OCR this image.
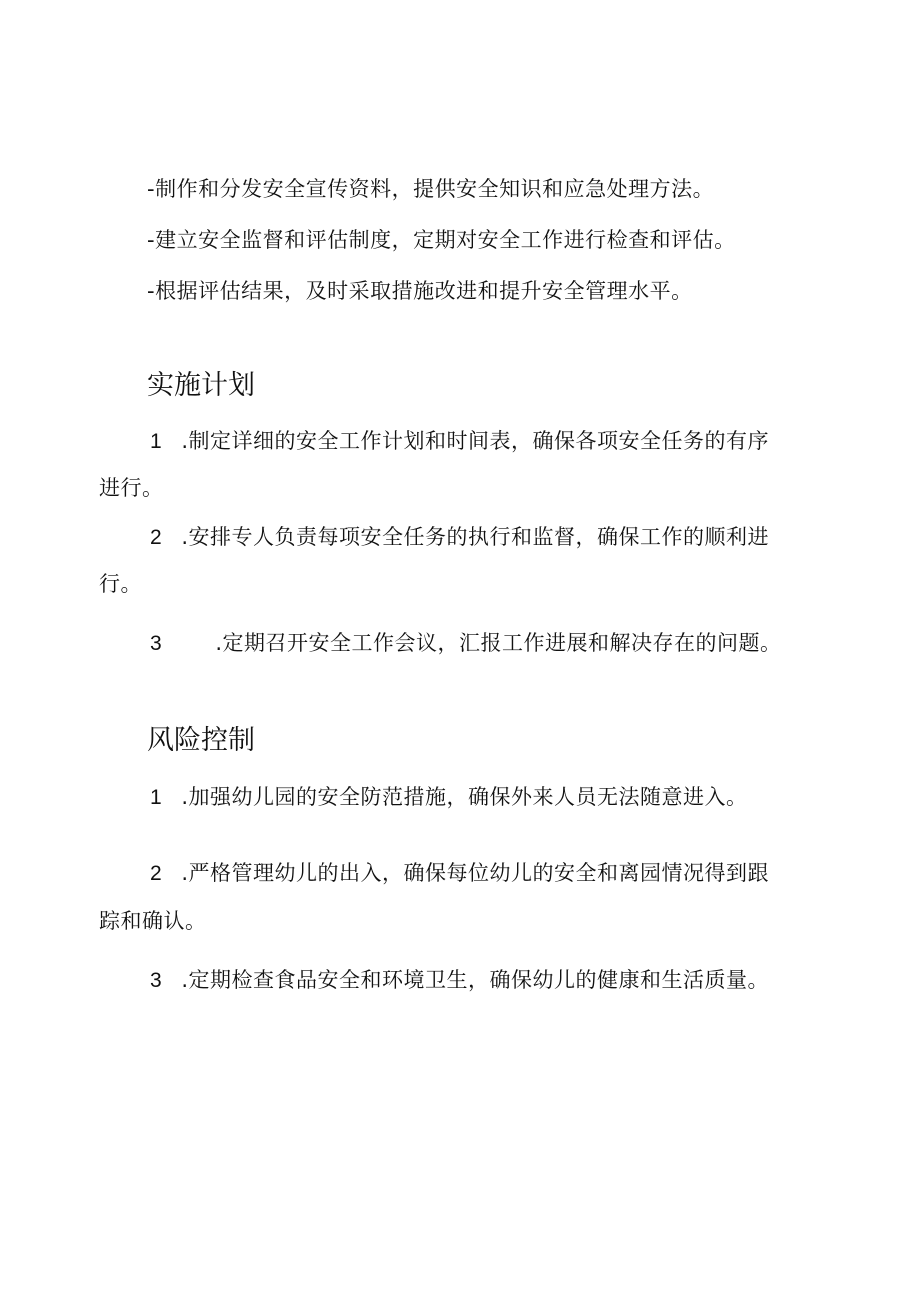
-制作和分发安全宣传资料，提供安全知识和应急处理方法。
-建立安全监督和评估制度，定期对安全工作进行检查和评估。
-根据评估结果，及时采取措施改进和提升安全管理水平。
实施计划
1 .制定详细的安全工作计划和时间表，确保各项安全任务的有序
进行。
2 .安排专人负责每项安全任务的执行和监督，确保工作的顺利进
行。
3	.定期召开安全工作会议，汇报工作进展和解决存在的问题。
风险控制
1 .加强幼儿园的安全防范措施，确保外来人员无法随意进入。
2 .严格管理幼儿的出入，确保每位幼儿的安全和离园情况得到跟
踪和确认。
3 .定期检查食品安全和环境卫生，确保幼儿的健康和生活质量。
